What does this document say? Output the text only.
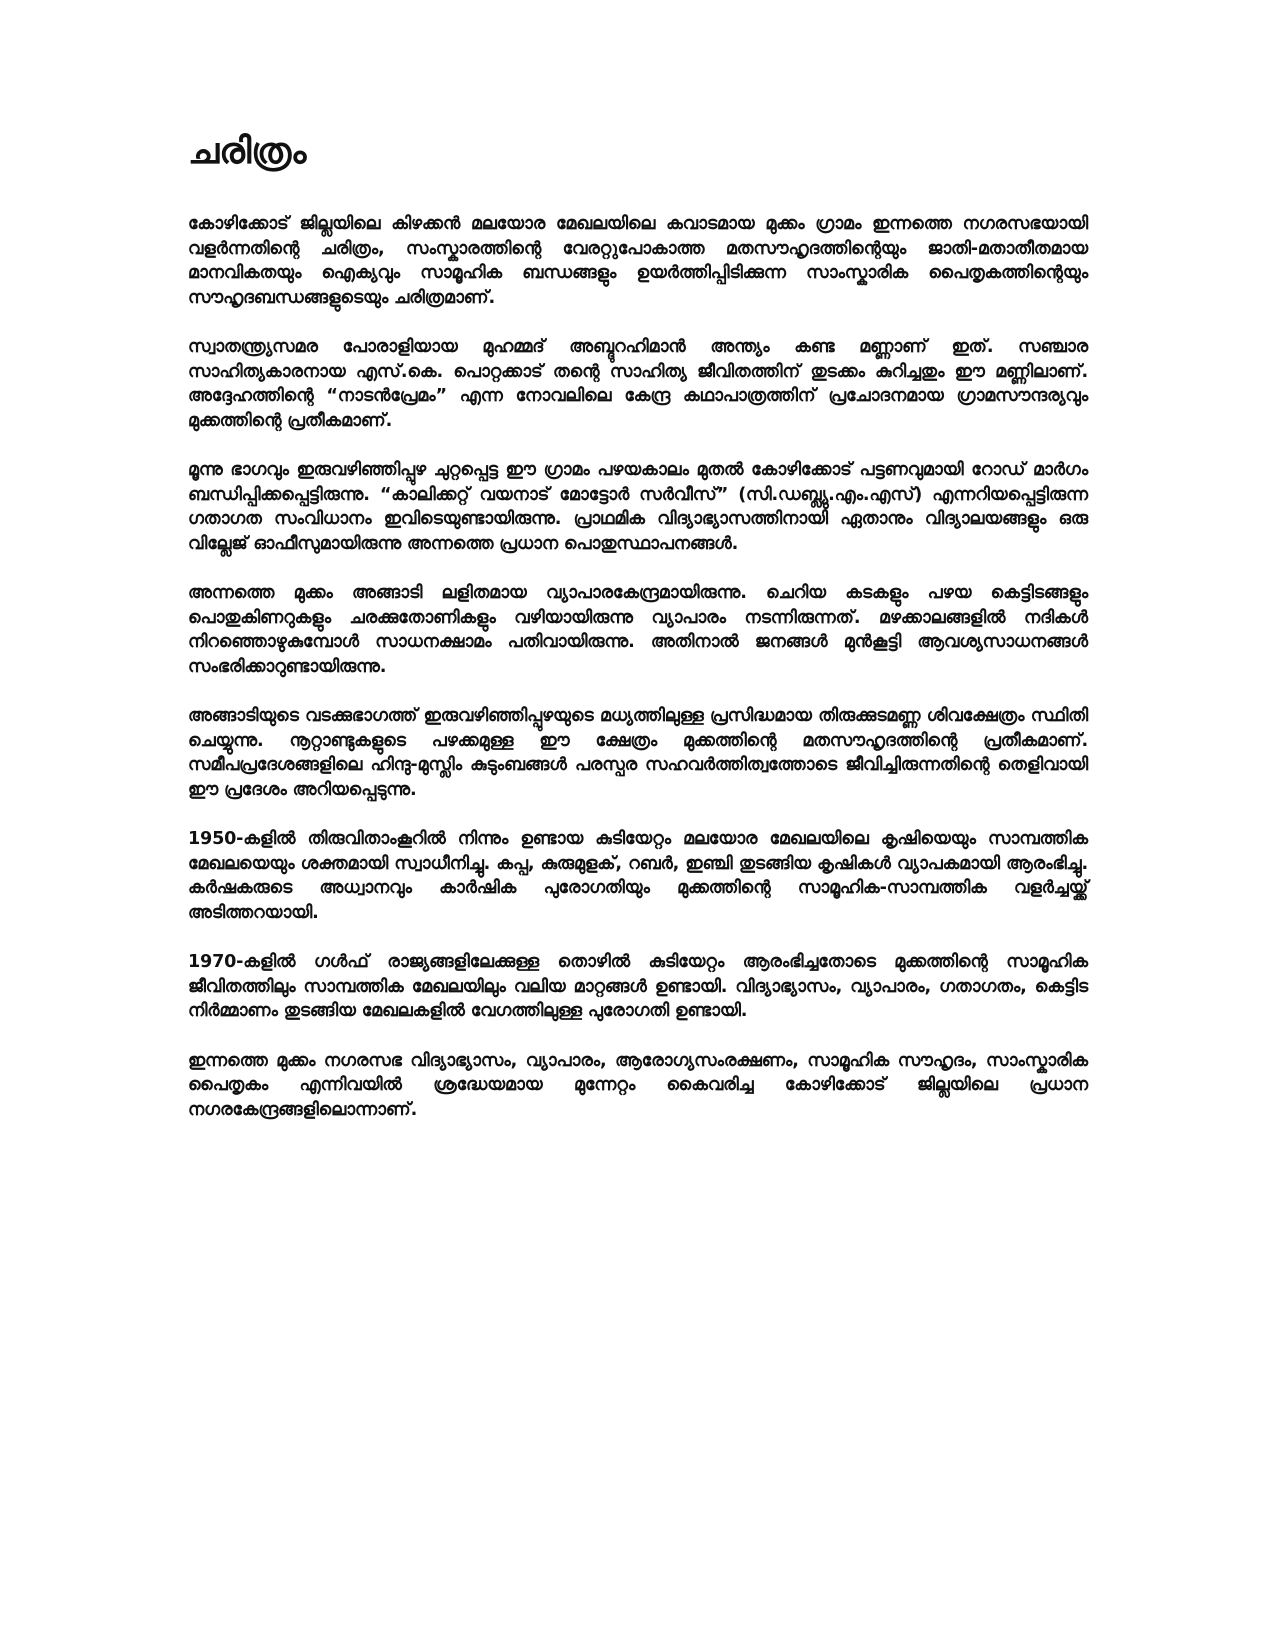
ചരിത്രം

കോഴിക്കോട് ജില്ലയിലെ കിഴക്കൻ മലയോര മേഖലയിലെ കവാടമായ മുക്കം ഗ്രാമം ഇന്നത്തെ നഗരസഭയായി വളർന്നതിന്റെ ചരിത്രം, സംസ്കാരത്തിന്റെ വേരറ്റുപോകാത്ത മതസൗഹൃദത്തിന്റെയും ജാതി-മതാതീതമായ മാനവികതയും ഐക്യവും സാമൂഹിക ബന്ധങ്ങളും ഉയർത്തിപ്പിടിക്കുന്ന സാംസ്കാരിക പൈതൃകത്തിന്റെയും സൗഹൃദബന്ധങ്ങളുടെയും ചരിത്രമാണ്.

സ്വാതന്ത്ര്യസമര പോരാളിയായ മുഹമ്മദ് അബ്ദുറഹിമാൻ അന്ത്യം കണ്ട മണ്ണാണ് ഇത്. സഞ്ചാര സാഹിത്യകാരനായ എസ്.കെ. പൊറ്റക്കാട് തന്റെ സാഹിത്യ ജീവിതത്തിന് തുടക്കം കുറിച്ചതും ഈ മണ്ണിലാണ്. അദ്ദേഹത്തിന്റെ “നാടൻപ്രേമം” എന്ന നോവലിലെ കേന്ദ്ര കഥാപാത്രത്തിന് പ്രചോദനമായ ഗ്രാമസൗന്ദര്യവും മുക്കത്തിന്റെ പ്രതീകമാണ്.

മൂന്നു ഭാഗവും ഇരുവഴിഞ്ഞിപ്പുഴ ചുറ്റപ്പെട്ട ഈ ഗ്രാമം പഴയകാലം മുതൽ കോഴിക്കോട് പട്ടണവുമായി റോഡ് മാർഗം ബന്ധിപ്പിക്കപ്പെട്ടിരുന്നു. “കാലിക്കറ്റ് വയനാട് മോട്ടോർ സർവീസ്” (സി.ഡബ്ല്യു.എം.എസ്) എന്നറിയപ്പെട്ടിരുന്ന ഗതാഗത സംവിധാനം ഇവിടെയുണ്ടായിരുന്നു. പ്രാഥമിക വിദ്യാഭ്യാസത്തിനായി ഏതാനും വിദ്യാലയങ്ങളും ഒരു വില്ലേജ് ഓഫീസുമായിരുന്നു അന്നത്തെ പ്രധാന പൊതുസ്ഥാപനങ്ങൾ.

അന്നത്തെ മുക്കം അങ്ങാടി ലളിതമായ വ്യാപാരകേന്ദ്രമായിരുന്നു. ചെറിയ കടകളും പഴയ കെട്ടിടങ്ങളും പൊതുകിണറുകളും ചരക്കുതോണികളും വഴിയായിരുന്നു വ്യാപാരം നടന്നിരുന്നത്. മഴക്കാലങ്ങളിൽ നദികൾ നിറഞ്ഞൊഴുകുമ്പോൾ സാധനക്ഷാമം പതിവായിരുന്നു. അതിനാൽ ജനങ്ങൾ മുൻകൂട്ടി ആവശ്യസാധനങ്ങൾ സംഭരിക്കാറുണ്ടായിരുന്നു.

അങ്ങാടിയുടെ വടക്കുഭാഗത്ത് ഇരുവഴിഞ്ഞിപ്പുഴയുടെ മധ്യത്തിലുള്ള പ്രസിദ്ധമായ തിരുക്കുടമണ്ണ ശിവക്ഷേത്രം സ്ഥിതി ചെയ്യുന്നു. നൂറ്റാണ്ടുകളുടെ പഴക്കമുള്ള ഈ ക്ഷേത്രം മുക്കത്തിന്റെ മതസൗഹൃദത്തിന്റെ പ്രതീകമാണ്. സമീപപ്രദേശങ്ങളിലെ ഹിന്ദു-മുസ്ലിം കുടുംബങ്ങൾ പരസ്പര സഹവർത്തിത്വത്തോടെ ജീവിച്ചിരുന്നതിന്റെ തെളിവായി ഈ പ്രദേശം അറിയപ്പെടുന്നു.

1950-കളിൽ തിരുവിതാംകൂറിൽ നിന്നും ഉണ്ടായ കുടിയേറ്റം മലയോര മേഖലയിലെ കൃഷിയെയും സാമ്പത്തിക മേഖലയെയും ശക്തമായി സ്വാധീനിച്ചു. കപ്പ, കുരുമുളക്, റബർ, ഇഞ്ചി തുടങ്ങിയ കൃഷികൾ വ്യാപകമായി ആരംഭിച്ചു. കർഷകരുടെ അധ്വാനവും കാർഷിക പുരോഗതിയും മുക്കത്തിന്റെ സാമൂഹിക-സാമ്പത്തിക വളർച്ചയ്ക്ക് അടിത്തറയായി.

1970-കളിൽ ഗൾഫ് രാജ്യങ്ങളിലേക്കുള്ള തൊഴിൽ കുടിയേറ്റം ആരംഭിച്ചതോടെ മുക്കത്തിന്റെ സാമൂഹിക ജീവിതത്തിലും സാമ്പത്തിക മേഖലയിലും വലിയ മാറ്റങ്ങൾ ഉണ്ടായി. വിദ്യാഭ്യാസം, വ്യാപാരം, ഗതാഗതം, കെട്ടിട നിർമ്മാണം തുടങ്ങിയ മേഖലകളിൽ വേഗത്തിലുള്ള പുരോഗതി ഉണ്ടായി.

ഇന്നത്തെ മുക്കം നഗരസഭ വിദ്യാഭ്യാസം, വ്യാപാരം, ആരോഗ്യസംരക്ഷണം, സാമൂഹിക സൗഹൃദം, സാംസ്കാരിക പൈതൃകം എന്നിവയിൽ ശ്രദ്ധേയമായ മുന്നേറ്റം കൈവരിച്ച കോഴിക്കോട് ജില്ലയിലെ പ്രധാന നഗരകേന്ദ്രങ്ങളിലൊന്നാണ്.
